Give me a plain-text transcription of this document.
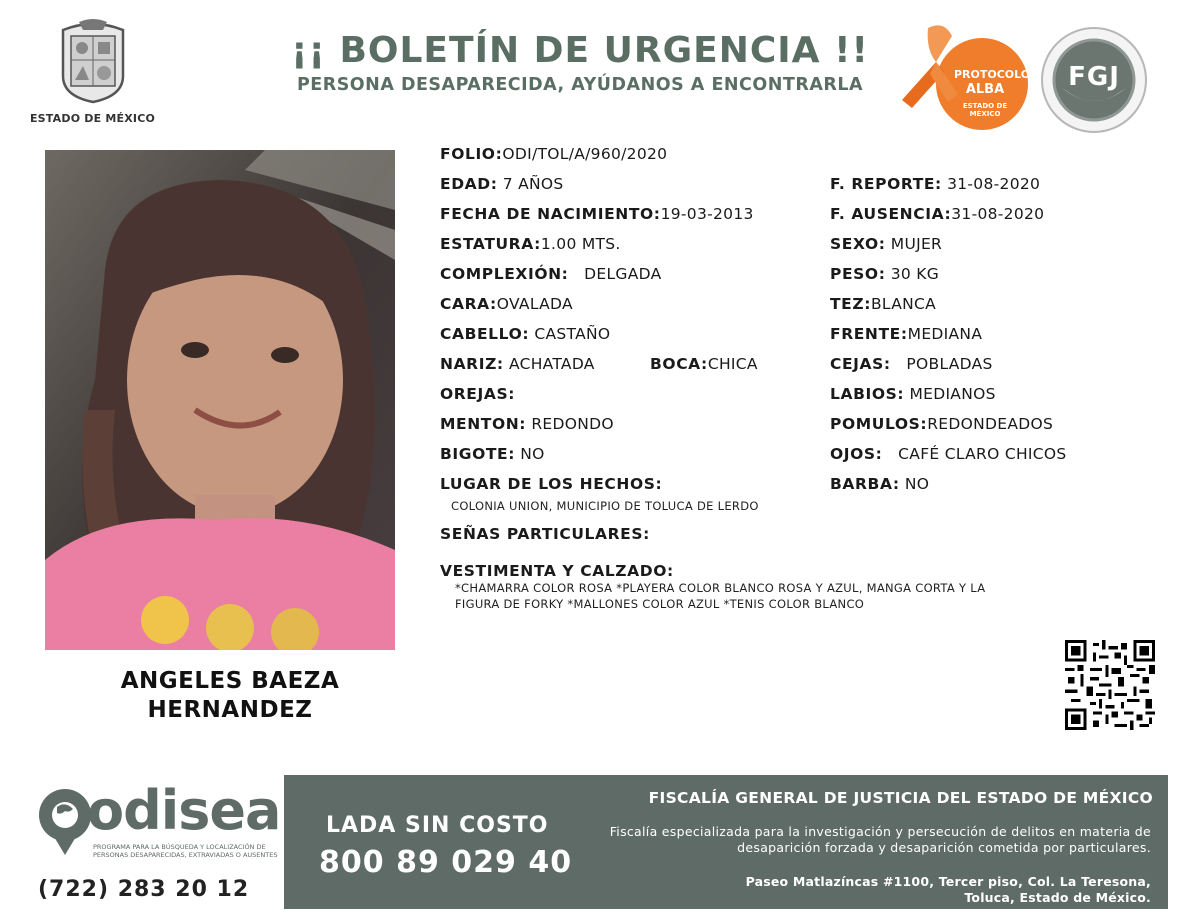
ESTADO DE MÉXICO
¡¡ BOLETÍN DE URGENCIA !!
PERSONA DESAPARECIDA, AYÚDANOS A ENCONTRARLA
PROTOCOLO
ALBA
ESTADO DE MÉXICO
FGJ
ANGELES BAEZA
HERNANDEZ
FOLIO:ODI/TOL/A/960/2020
EDAD: 7 AÑOS
FECHA DE NACIMIENTO:19-03-2013
ESTATURA:1.00 MTS.
COMPLEXIÓN: DELGADA
CARA:OVALADA
CABELLO: CASTAÑO
NARIZ: ACHATADA	BOCA:CHICA
OREJAS:
MENTON: REDONDO
BIGOTE: NO
LUGAR DE LOS HECHOS:
COLONIA UNION, MUNICIPIO DE TOLUCA DE LERDO
SEÑAS PARTICULARES:
VESTIMENTA Y CALZADO:
*CHAMARRA COLOR ROSA *PLAYERA COLOR BLANCO ROSA Y AZUL, MANGA CORTA Y LA
FIGURA DE FORKY *MALLONES COLOR AZUL *TENIS COLOR BLANCO
F. REPORTE: 31-08-2020
F. AUSENCIA:31-08-2020
SEXO: MUJER
PESO: 30 KG
TEZ:BLANCA
FRENTE:MEDIANA
CEJAS: POBLADAS
LABIOS: MEDIANOS
POMULOS:REDONDEADOS
OJOS: CAFÉ CLARO CHICOS
BARBA: NO
odisea
PROGRAMA PARA LA BÚSQUEDA Y LOCALIZACIÓN DE PERSONAS DESAPARECIDAS, EXTRAVIADAS O AUSENTES
(722) 283 20 12
LADA SIN COSTO
800 89 029 40
FISCALÍA GENERAL DE JUSTICIA DEL ESTADO DE MÉXICO
Fiscalía especializada para la investigación y persecución de delitos en materia de desaparición forzada y desaparición cometida por particulares.
Paseo Matlazíncas #1100, Tercer piso, Col. La Teresona,
Toluca, Estado de México.
